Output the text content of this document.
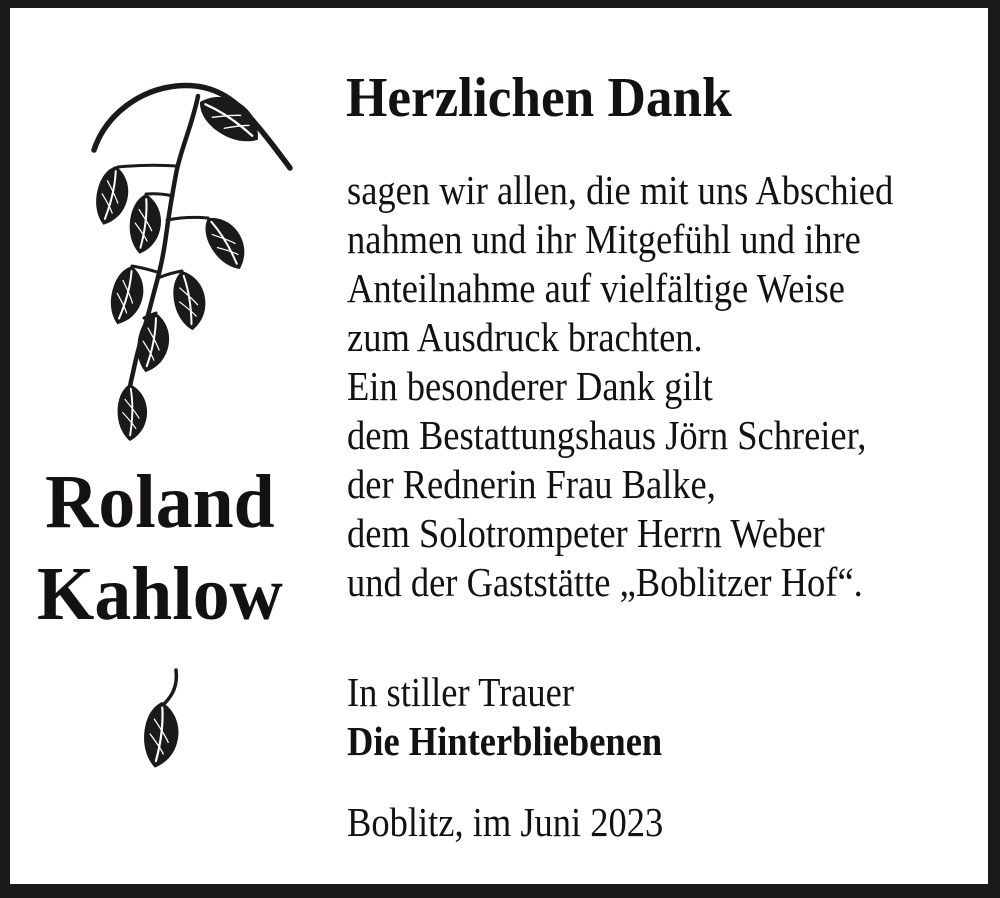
Herzlichen Dank
sagen wir allen, die mit uns Abschied
nahmen und ihr Mitgefühl und ihre
Anteilnahme auf vielfältige Weise
zum Ausdruck brachten.
Ein besonderer Dank gilt
dem Bestattungshaus Jörn Schreier,
der Rednerin Frau Balke,
dem Solotrompeter Herrn Weber
und der Gaststätte „Boblitzer Hof“.
Roland
Kahlow
In stiller Trauer
Die Hinterbliebenen
Boblitz, im Juni 2023
